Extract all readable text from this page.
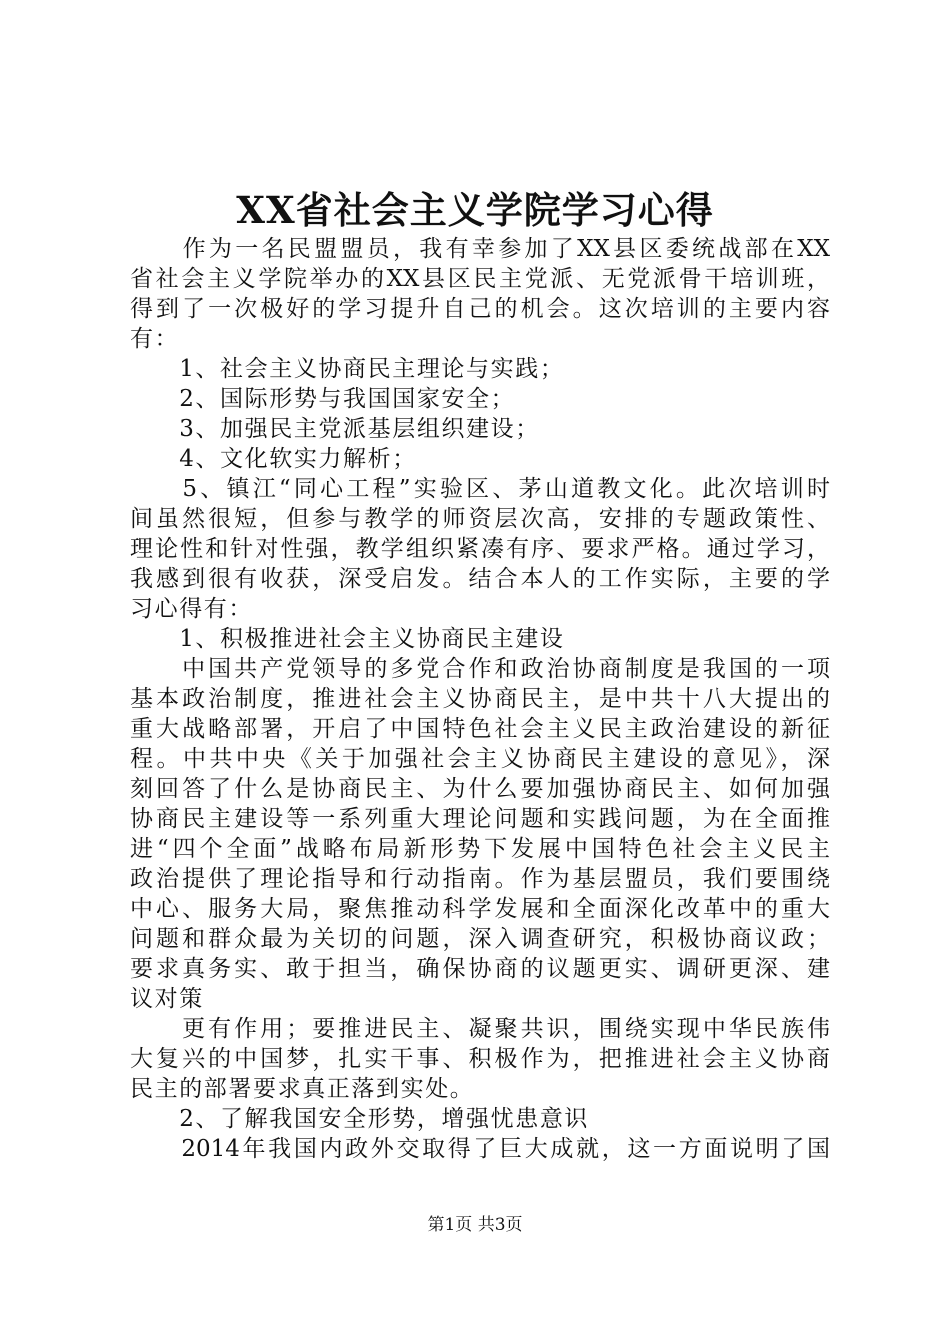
XX省社会主义学院学习心得
　　作为一名民盟盟员，我有幸参加了XX县区委统战部在XX
省社会主义学院举办的XX县区民主党派、无党派骨干培训班，
得到了一次极好的学习提升自己的机会。这次培训的主要内容
有：
　　1、社会主义协商民主理论与实践；
　　2、国际形势与我国国家安全；
　　3、加强民主党派基层组织建设；
　　4、文化软实力解析；
　　5、镇江“同心工程”实验区、茅山道教文化。此次培训时
间虽然很短，但参与教学的师资层次高，安排的专题政策性、
理论性和针对性强，教学组织紧凑有序、要求严格。通过学习，
我感到很有收获，深受启发。结合本人的工作实际，主要的学
习心得有：
　　1、积极推进社会主义协商民主建设
　　中国共产党领导的多党合作和政治协商制度是我国的一项
基本政治制度，推进社会主义协商民主，是中共十八大提出的
重大战略部署，开启了中国特色社会主义民主政治建设的新征
程。中共中央《关于加强社会主义协商民主建设的意见》，深
刻回答了什么是协商民主、为什么要加强协商民主、如何加强
协商民主建设等一系列重大理论问题和实践问题，为在全面推
进“四个全面”战略布局新形势下发展中国特色社会主义民主
政治提供了理论指导和行动指南。作为基层盟员，我们要围绕
中心、服务大局，聚焦推动科学发展和全面深化改革中的重大
问题和群众最为关切的问题，深入调查研究，积极协商议政；
要求真务实、敢于担当，确保协商的议题更实、调研更深、建
议对策
　　更有作用；要推进民主、凝聚共识，围绕实现中华民族伟
大复兴的中国梦，扎实干事、积极作为，把推进社会主义协商
民主的部署要求真正落到实处。
　　2、了解我国安全形势，增强忧患意识
　　2014年我国内政外交取得了巨大成就，这一方面说明了国
第1页 共3页
